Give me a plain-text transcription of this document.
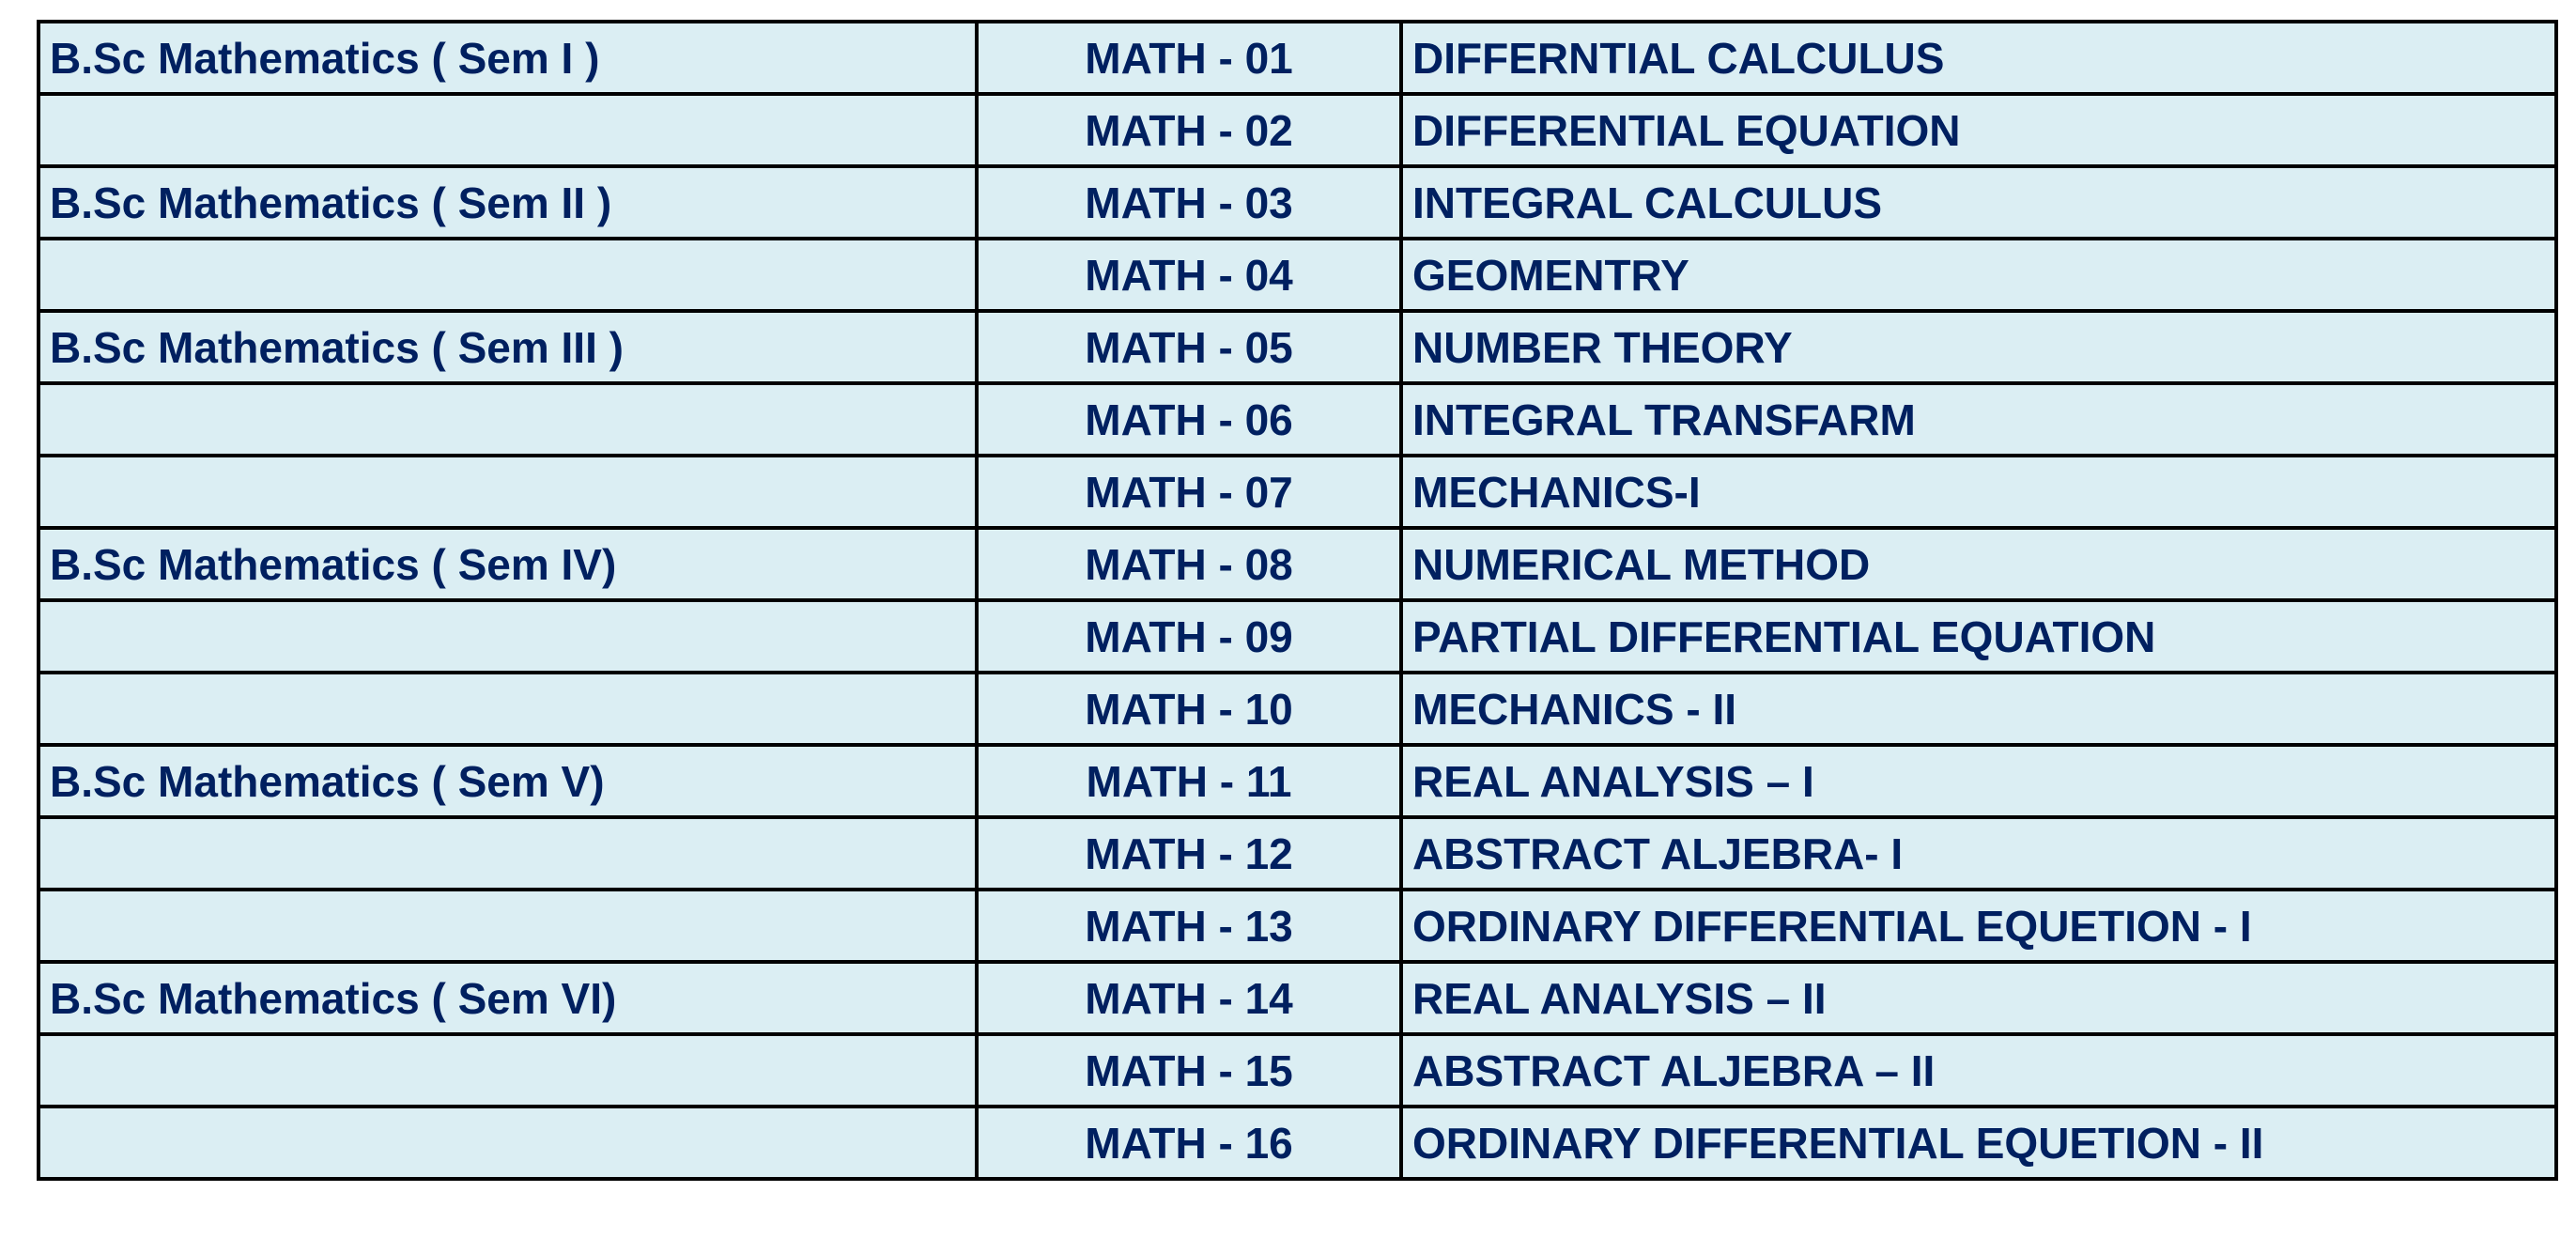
B.Sc Mathematics ( Sem I )	MATH - 01	DIFFERNTIAL CALCULUS
	MATH - 02	DIFFERENTIAL EQUATION
B.Sc Mathematics ( Sem II )	MATH - 03	INTEGRAL CALCULUS
	MATH - 04	GEOMENTRY
B.Sc Mathematics ( Sem III )	MATH - 05	NUMBER THEORY
	MATH - 06	INTEGRAL TRANSFARM
	MATH - 07	MECHANICS-I
B.Sc Mathematics ( Sem IV)	MATH - 08	NUMERICAL METHOD
	MATH - 09	PARTIAL DIFFERENTIAL EQUATION
	MATH - 10	MECHANICS - II
B.Sc Mathematics ( Sem V)	MATH - 11	REAL ANALYSIS – I
	MATH - 12	ABSTRACT ALJEBRA- I
	MATH - 13	ORDINARY DIFFERENTIAL EQUETION - I
B.Sc Mathematics ( Sem VI)	MATH - 14	REAL ANALYSIS – II
	MATH - 15	ABSTRACT ALJEBRA – II
	MATH - 16	ORDINARY DIFFERENTIAL EQUETION - II
